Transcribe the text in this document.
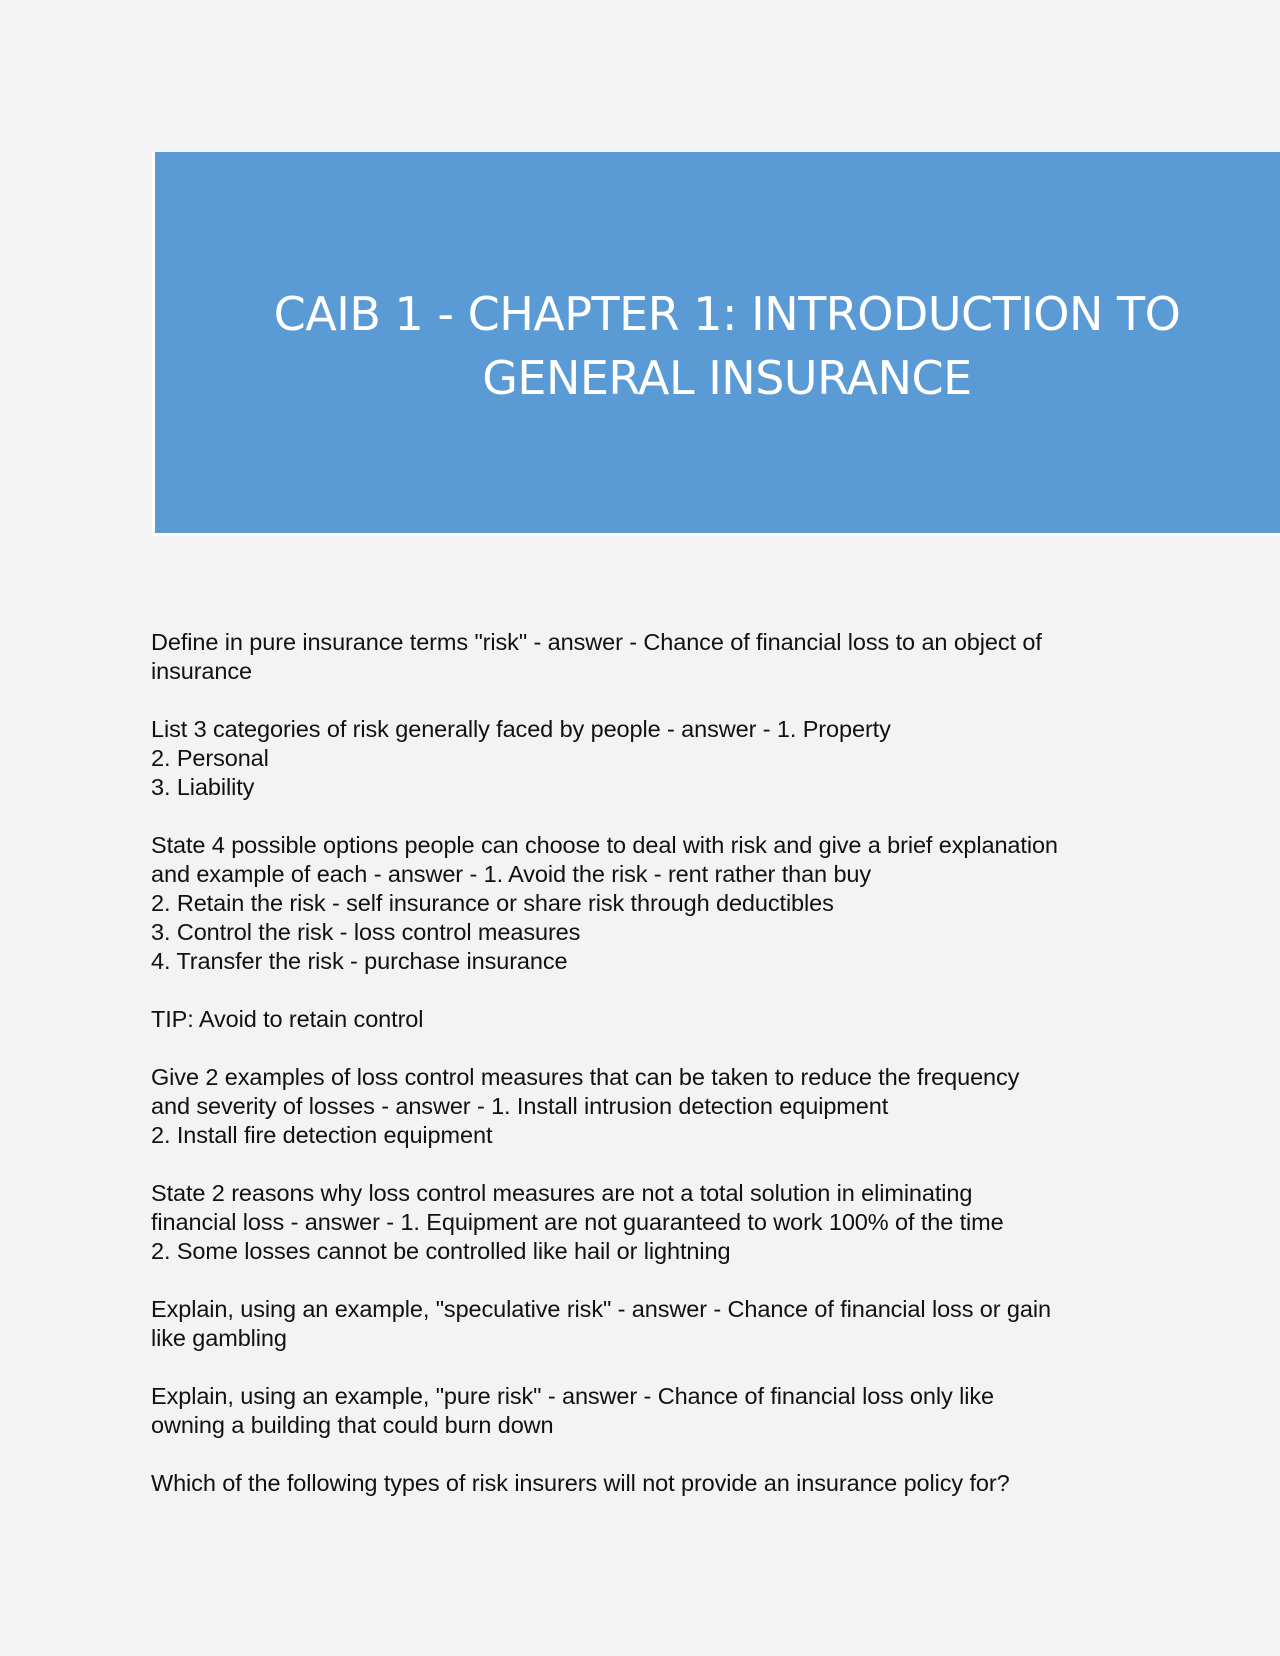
CAIB 1 - CHAPTER 1: INTRODUCTION TO
GENERAL INSURANCE

Define in pure insurance terms "risk" - answer - Chance of financial loss to an object of
insurance

List 3 categories of risk generally faced by people - answer - 1. Property
2. Personal
3. Liability

State 4 possible options people can choose to deal with risk and give a brief explanation
and example of each - answer - 1. Avoid the risk - rent rather than buy
2. Retain the risk - self insurance or share risk through deductibles
3. Control the risk - loss control measures
4. Transfer the risk - purchase insurance

TIP: Avoid to retain control

Give 2 examples of loss control measures that can be taken to reduce the frequency
and severity of losses - answer - 1. Install intrusion detection equipment
2. Install fire detection equipment

State 2 reasons why loss control measures are not a total solution in eliminating
financial loss - answer - 1. Equipment are not guaranteed to work 100% of the time
2. Some losses cannot be controlled like hail or lightning

Explain, using an example, "speculative risk" - answer - Chance of financial loss or gain
like gambling

Explain, using an example, "pure risk" - answer - Chance of financial loss only like
owning a building that could burn down

Which of the following types of risk insurers will not provide an insurance policy for?
